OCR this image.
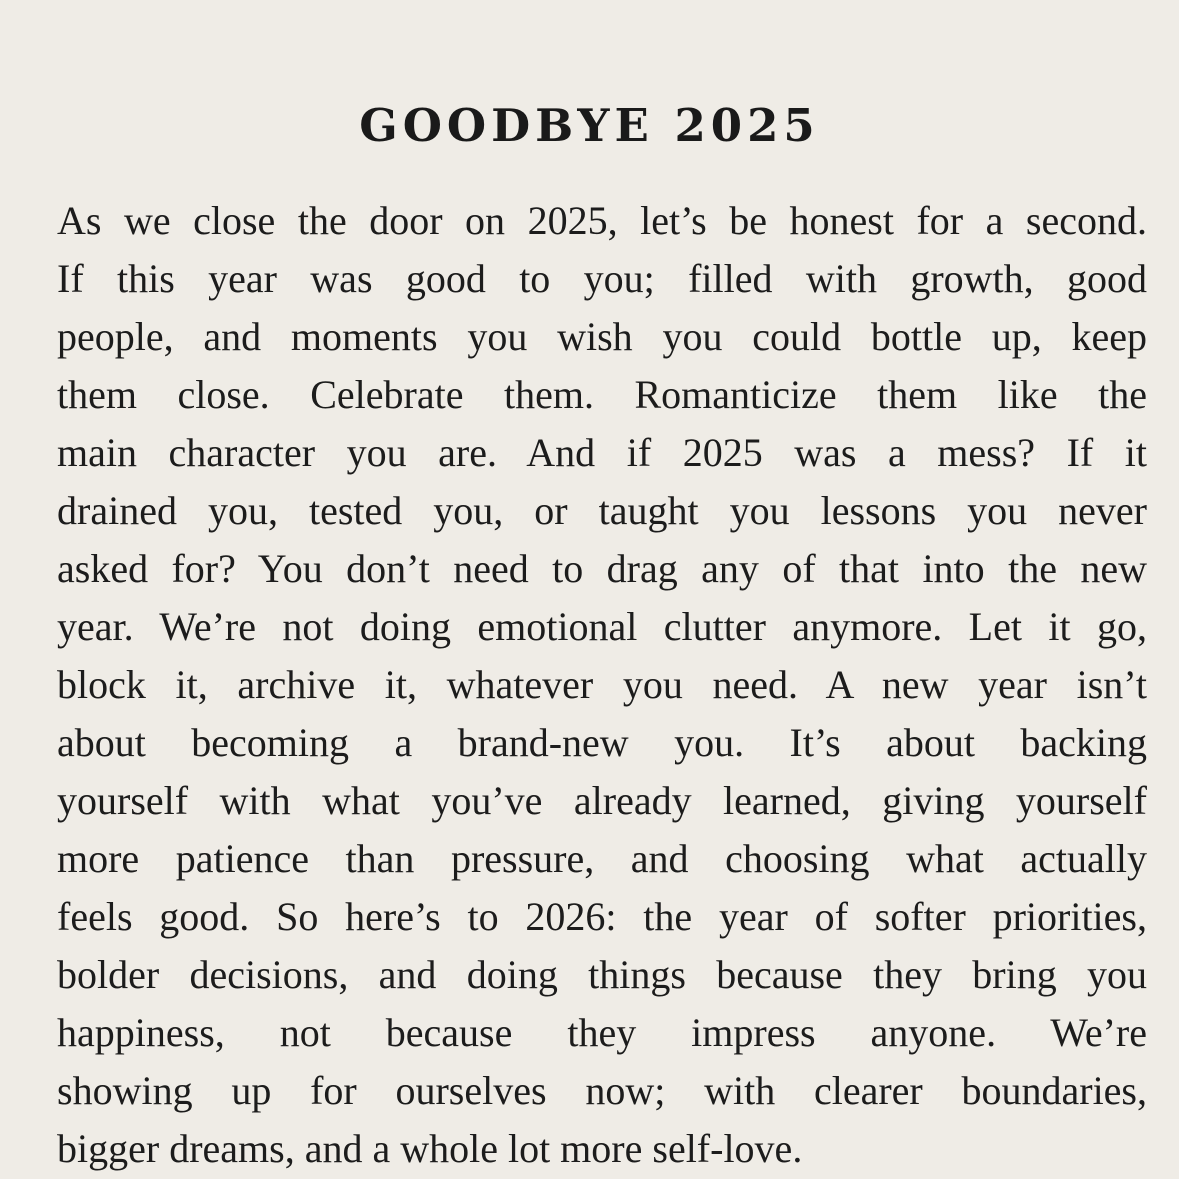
GOODBYE 2025
As we close the door on 2025, let’s be honest for a second.
If this year was good to you; filled with growth, good
people, and moments you wish you could bottle up, keep
them close. Celebrate them. Romanticize them like the
main character you are. And if 2025 was a mess? If it
drained you, tested you, or taught you lessons you never
asked for? You don’t need to drag any of that into the new
year. We’re not doing emotional clutter anymore. Let it go,
block it, archive it, whatever you need. A new year isn’t
about becoming a brand-new you. It’s about backing
yourself with what you’ve already learned, giving yourself
more patience than pressure, and choosing what actually
feels good. So here’s to 2026: the year of softer priorities,
bolder decisions, and doing things because they bring you
happiness, not because they impress anyone. We’re
showing up for ourselves now; with clearer boundaries,
bigger dreams, and a whole lot more self-love.
